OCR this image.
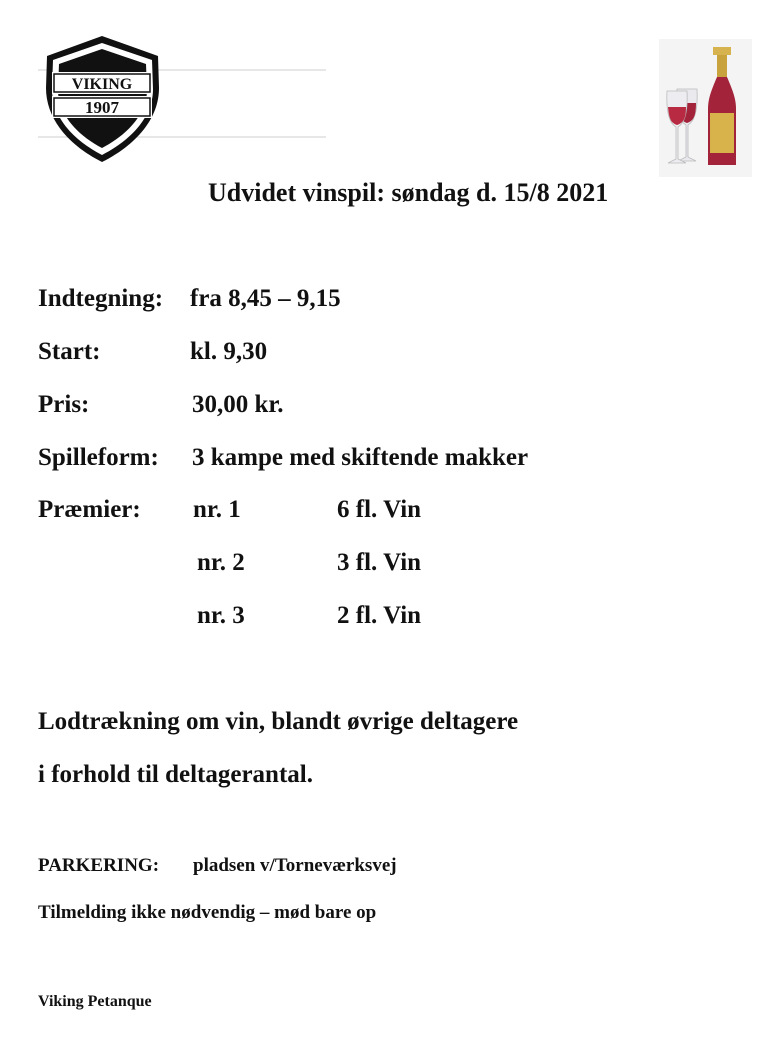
VIKING
1907
Udvidet vinspil: søndag d. 15/8 2021
Indtegning: fra 8,45 – 9,15
Start:	kl. 9,30
Pris:	30,00 kr.
Spilleform: 3 kampe med skiftende makker
Præmier: nr. 1	6 fl. Vin
nr. 2	3 fl. Vin
nr. 3	2 fl. Vin
Lodtrækning om vin, blandt øvrige deltagere
i forhold til deltagerantal.
PARKERING: pladsen v/Torneværksvej
Tilmelding ikke nødvendig – mød bare op
Viking Petanque
